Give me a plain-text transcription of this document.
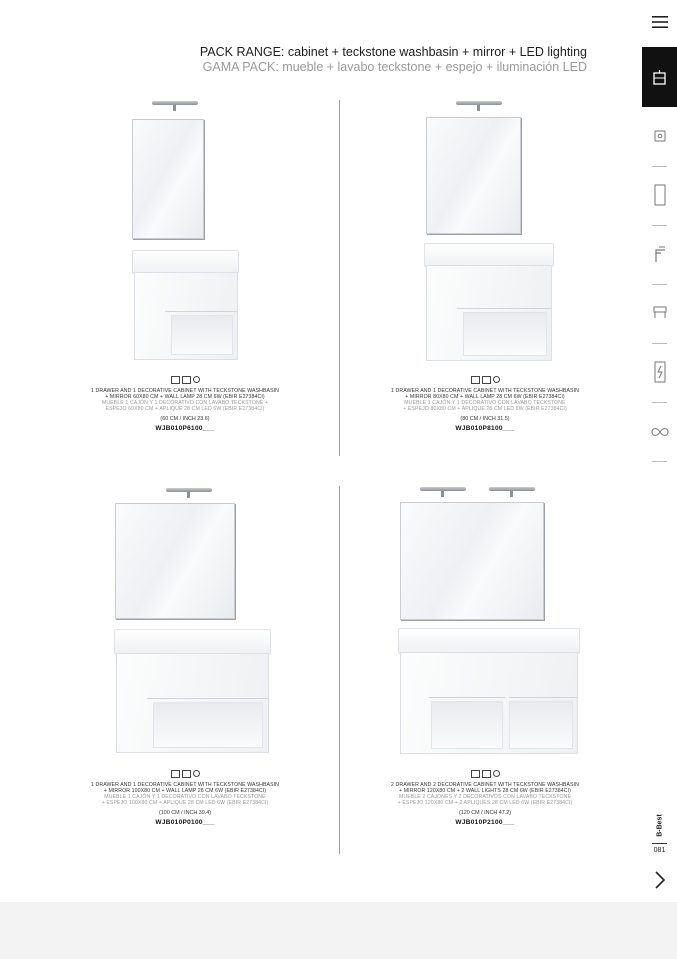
PACK RANGE: cabinet + teckstone washbasin + mirror + LED lighting
GAMA PACK: mueble + lavabo teckstone + espejo + iluminación LED
1 DRAWER AND 1 DECORATIVE CABINET WITH TECKSTONE WASHBASIN
+ MIRROR 60X80 CM + WALL LAMP 28 CM 6W (EBIR E27384CI)
MUEBLE 1 CAJÓN Y 1 DECORATIVO CON LAVABO TECKSTONE +
ESPEJO 60X80 CM + APLIQUE 28 CM LED 6W (EBIR E27384CI)
(60 CM / INCH 23.6)
WJB010P6100___
1 DRAWER AND 1 DECORATIVE CABINET WITH TECKSTONE WASHBASIN
+ MIRROR 80X80 CM + WALL LAMP 28 CM 6W (EBIR E27384CI)
MUEBLE 1 CAJÓN Y 1 DECORATIVO CON LAVABO TECKSTONE
+ ESPEJO 80X80 CM + APLIQUE 28 CM LED 6W (EBIR E27384CI)
(80 CM / INCH 31.5)
WJB010P8100___
1 DRAWER AND 1 DECORATIVE CABINET WITH TECKSTONE WASHBASIN
+ MIRROR 100X80 CM + WALL LAMP 28 CM 6W (EBIR E27384CI)
MUEBLE 1 CAJÓN Y 1 DECORATIVO CON LAVABO TECKSTONE
+ ESPEJO 100X80 CM + APLIQUE 28 CM LED 6W (EBIR E27384CI)
(100 CM / INCH 39.4)
WJB010P0100___
2 DRAWER AND 2 DECORATIVE CABINET WITH TECKSTONE WASHBASIN
+ MIRROR 120X80 CM + 2 WALL LIGHTS 28 CM 6W (EBIR E27384CI)
MUEBLE 2 CAJONES Y 2 DECORATIVOS CON LAVABO TECKSTONE
+ ESPEJO 120X80 CM + 2 APLIQUES 28 CM LED 6W (EBIR E27384CI)
(120 CM / INCH 47.2)
WJB010P2100___	B-Best
081
